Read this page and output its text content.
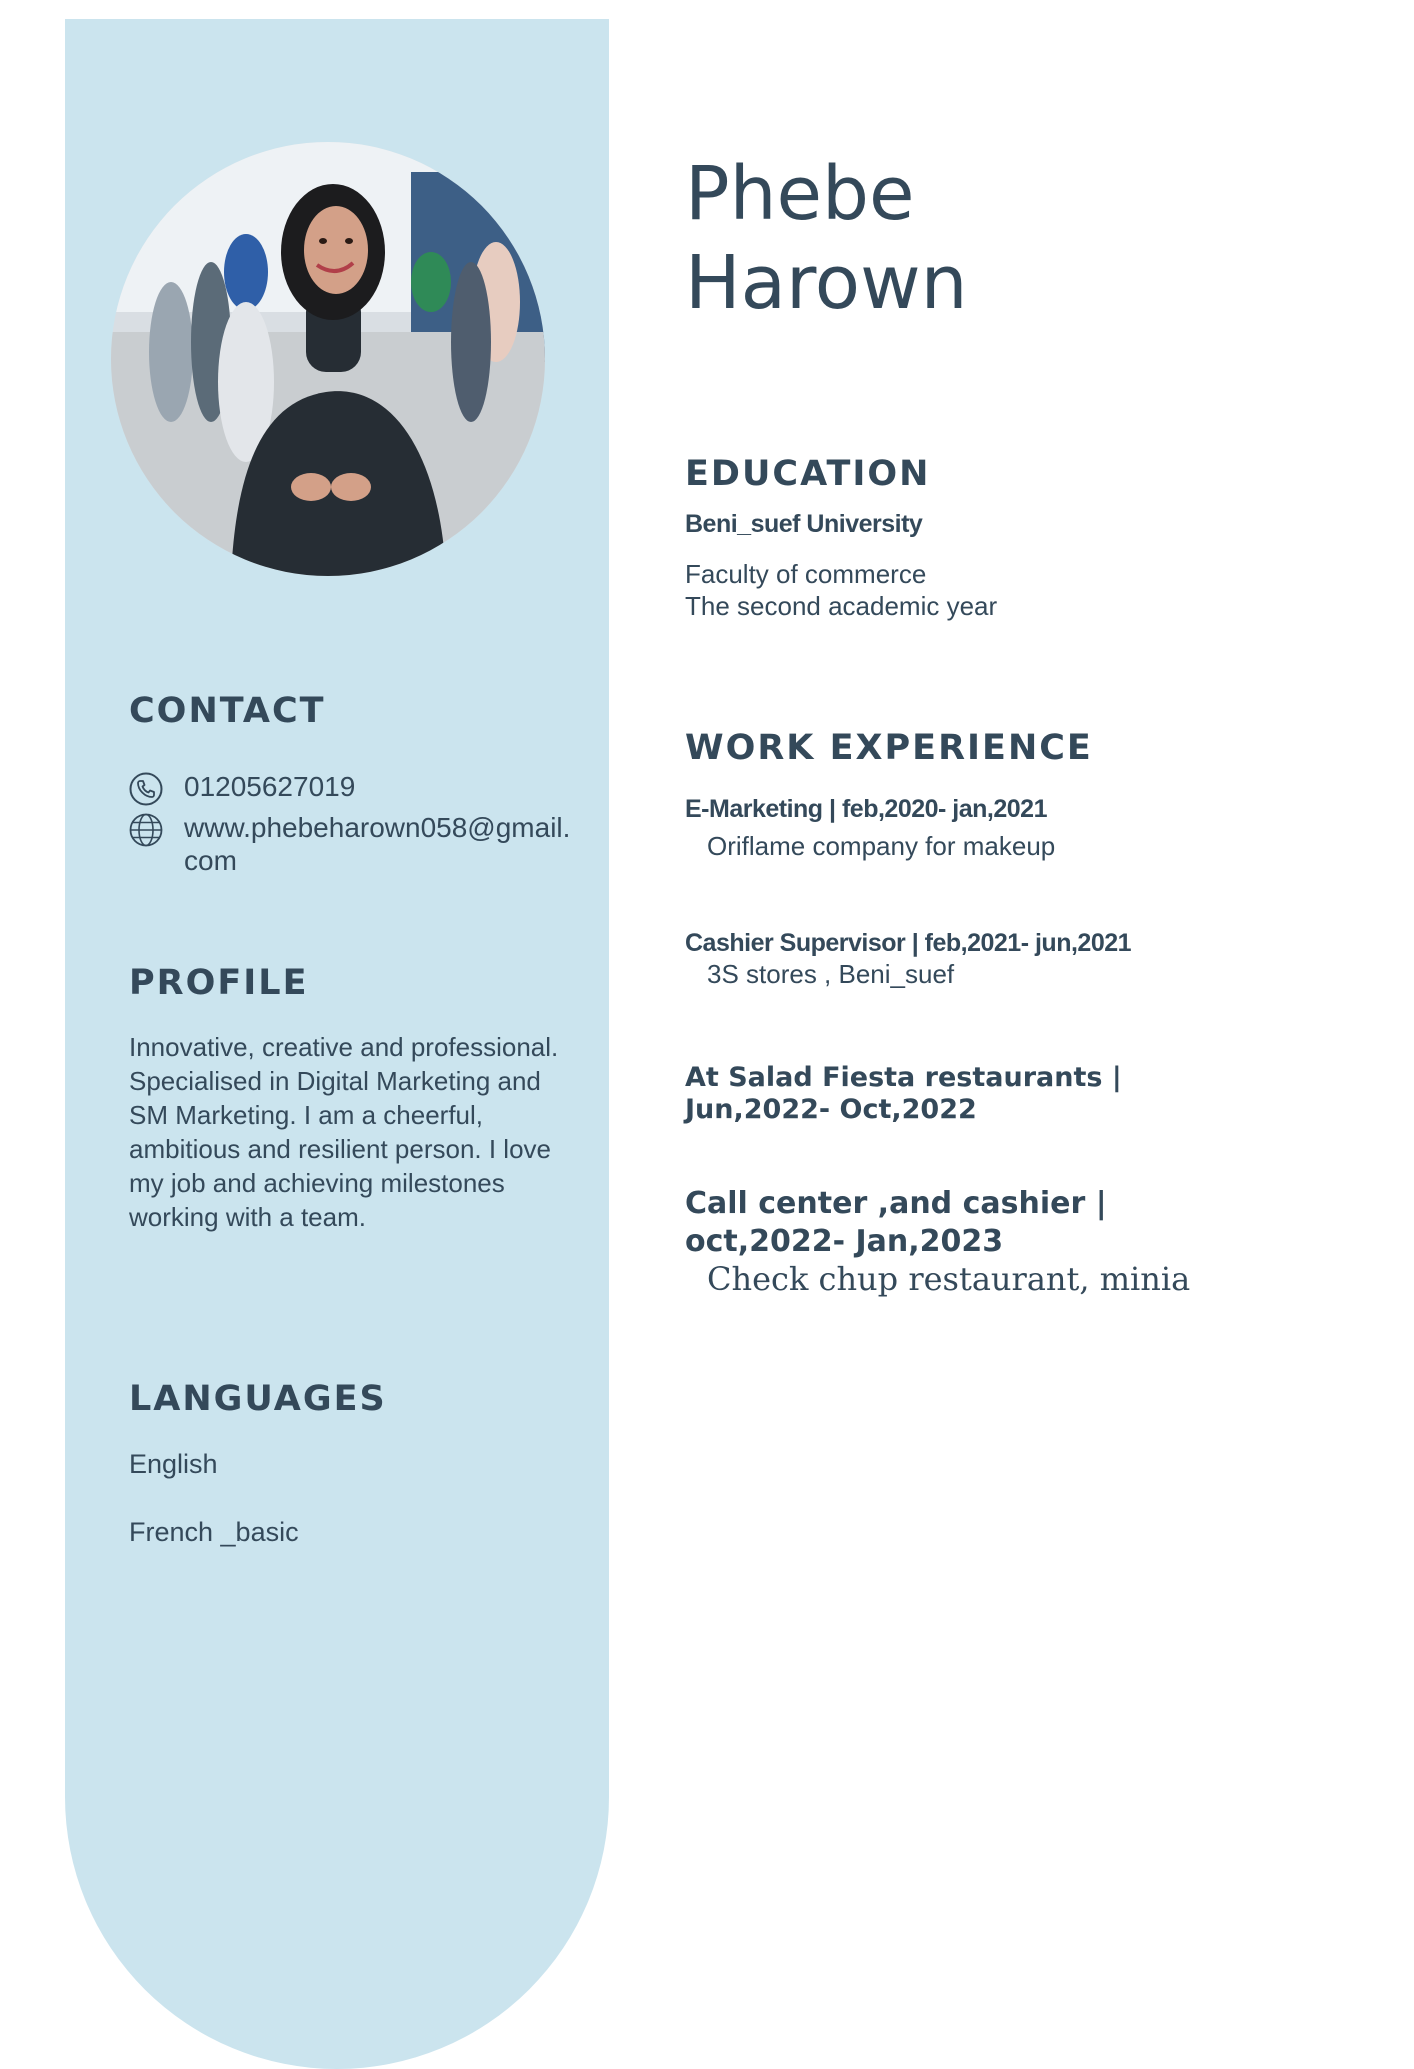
CONTACT
01205627019
www.phebeharown058@gmail.com
PROFILE

Innovative, creative and professional. Specialised in Digital Marketing and SM Marketing. I am a cheerful, ambitious and resilient person. I love my job and achieving milestones working with a team.

LANGUAGES
English
French _basic
Phebe
Harown
EDUCATION
Beni_suef University
Faculty of commerce
The second academic year
WORK EXPERIENCE
E-Marketing | feb,2020- jan,2021
Oriflame company for makeup
Cashier Supervisor | feb,2021- jun,2021
3S stores , Beni_suef
At Salad Fiesta restaurants | Jun,2022- Oct,2022
Call center ,and cashier | oct,2022- Jan,2023
Check chup restaurant, minia
